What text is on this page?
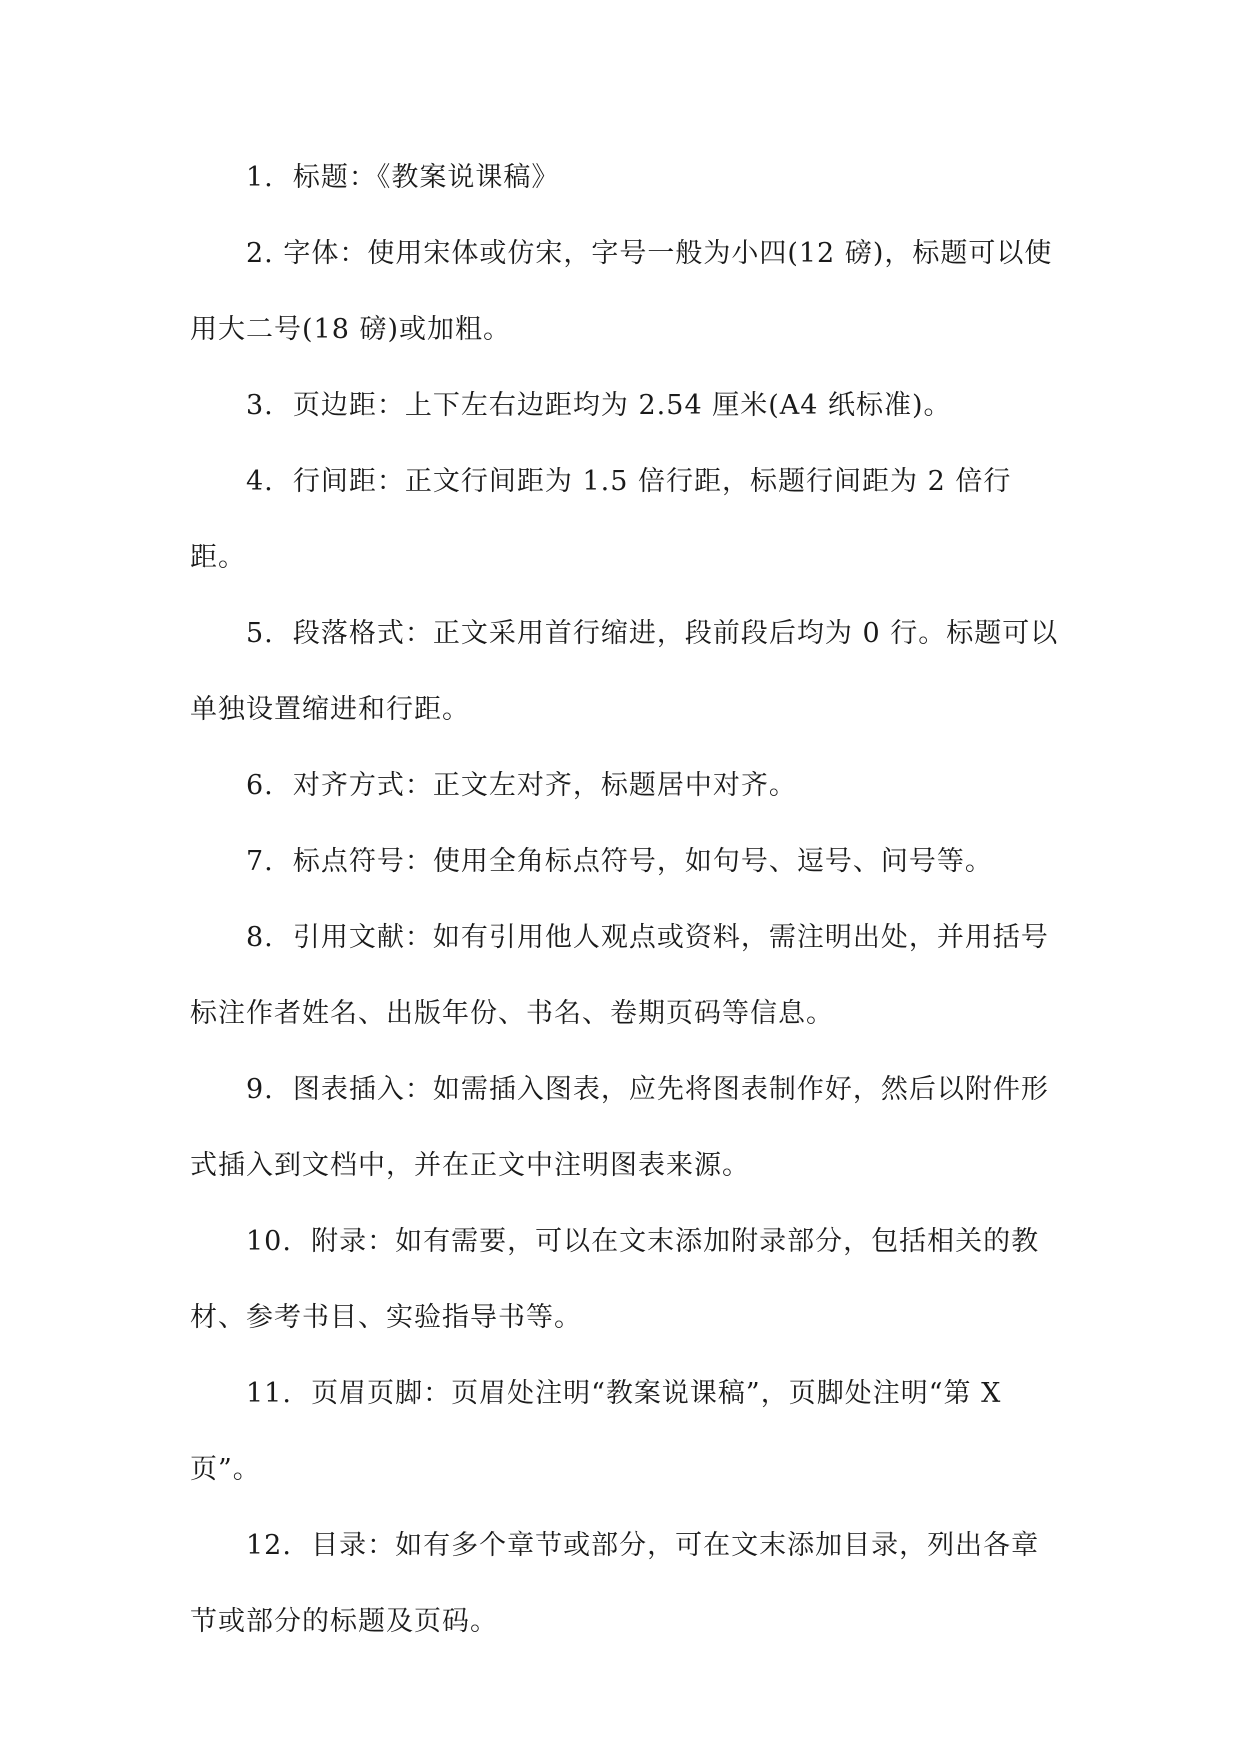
1.  标题：《教案说课稿》

2. 字体：使用宋体或仿宋，字号一般为小四(12 磅)，标题可以使用大二号(18 磅)或加粗。

3.  页边距：上下左右边距均为 2.54 厘米(A4 纸标准)。

4.  行间距：正文行间距为 1.5 倍行距，标题行间距为 2 倍行距。

5.  段落格式：正文采用首行缩进，段前段后均为 0 行。标题可以单独设置缩进和行距。

6.  对齐方式：正文左对齐，标题居中对齐。

7.  标点符号：使用全角标点符号，如句号、逗号、问号等。

8.  引用文献：如有引用他人观点或资料，需注明出处，并用括号标注作者姓名、出版年份、书名、卷期页码等信息。

9.  图表插入：如需插入图表，应先将图表制作好，然后以附件形式插入到文档中，并在正文中注明图表来源。

10.  附录：如有需要，可以在文末添加附录部分，包括相关的教材、参考书目、实验指导书等。

11.  页眉页脚：页眉处注明“教案说课稿”，页脚处注明“第 X 页”。

12.  目录：如有多个章节或部分，可在文末添加目录，列出各章节或部分的标题及页码。
